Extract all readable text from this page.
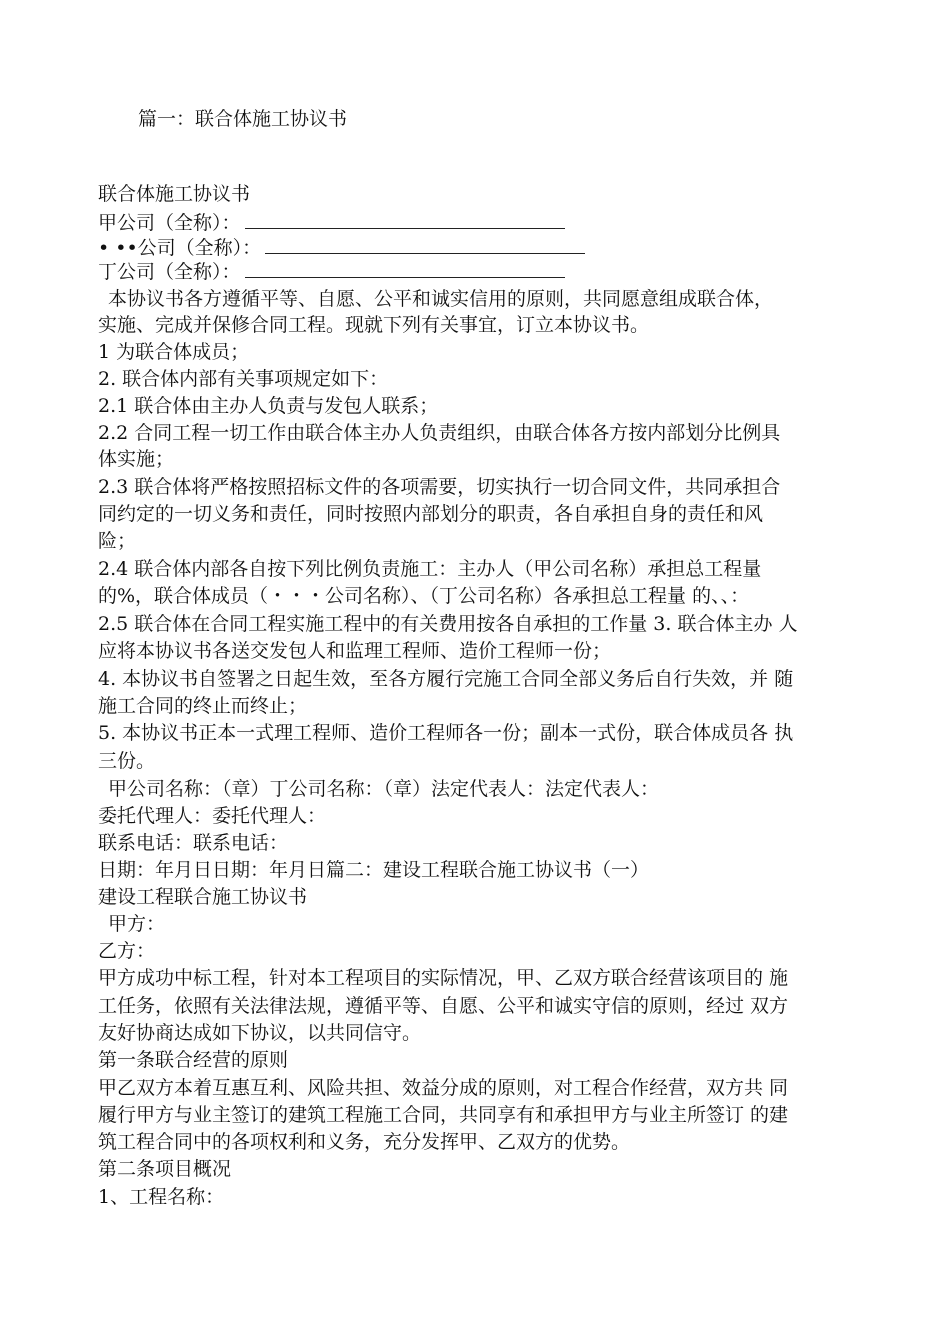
篇一：联合体施工协议书
联合体施工协议书
甲公司（全称）：
• ••公司（全称）：
丁公司（全称）：
本协议书各方遵循平等、自愿、公平和诚实信用的原则，共同愿意组成联合体，
实施、完成并保修合同工程。现就下列有关事宜，订立本协议书。
1 为联合体成员；
2. 联合体内部有关事项规定如下：
2.1 联合体由主办人负责与发包人联系；
2.2 合同工程一切工作由联合体主办人负责组织，由联合体各方按内部划分比例具
体实施；
2.3 联合体将严格按照招标文件的各项需要，切实执行一切合同文件，共同承担合
同约定的一切义务和责任，同时按照内部划分的职责，各自承担自身的责任和风
险；
2.4 联合体内部各自按下列比例负责施工：主办人（甲公司名称）承担总工程量
的%，联合体成员（・・・公司名称）、（丁公司名称）各承担总工程量 的、、：
2.5 联合体在合同工程实施工程中的有关费用按各自承担的工作量 3. 联合体主办 人
应将本协议书各送交发包人和监理工程师、造价工程师一份；
4. 本协议书自签署之日起生效，至各方履行完施工合同全部义务后自行失效，并 随
施工合同的终止而终止；
5. 本协议书正本一式理工程师、造价工程师各一份；副本一式份，联合体成员各 执
三份。
甲公司名称：（章）丁公司名称：（章）法定代表人：法定代表人：
委托代理人：委托代理人：
联系电话：联系电话：
日期：年月日日期：年月日篇二：建设工程联合施工协议书（一）
建设工程联合施工协议书
甲方：
乙方：
甲方成功中标工程，针对本工程项目的实际情况，甲、乙双方联合经营该项目的 施
工任务，依照有关法律法规，遵循平等、自愿、公平和诚实守信的原则，经过 双方
友好协商达成如下协议，以共同信守。
第一条联合经营的原则
甲乙双方本着互惠互利、风险共担、效益分成的原则，对工程合作经营，双方共 同
履行甲方与业主签订的建筑工程施工合同，共同享有和承担甲方与业主所签订 的建
筑工程合同中的各项权利和义务，充分发挥甲、乙双方的优势。
第二条项目概况
1、工程名称：
